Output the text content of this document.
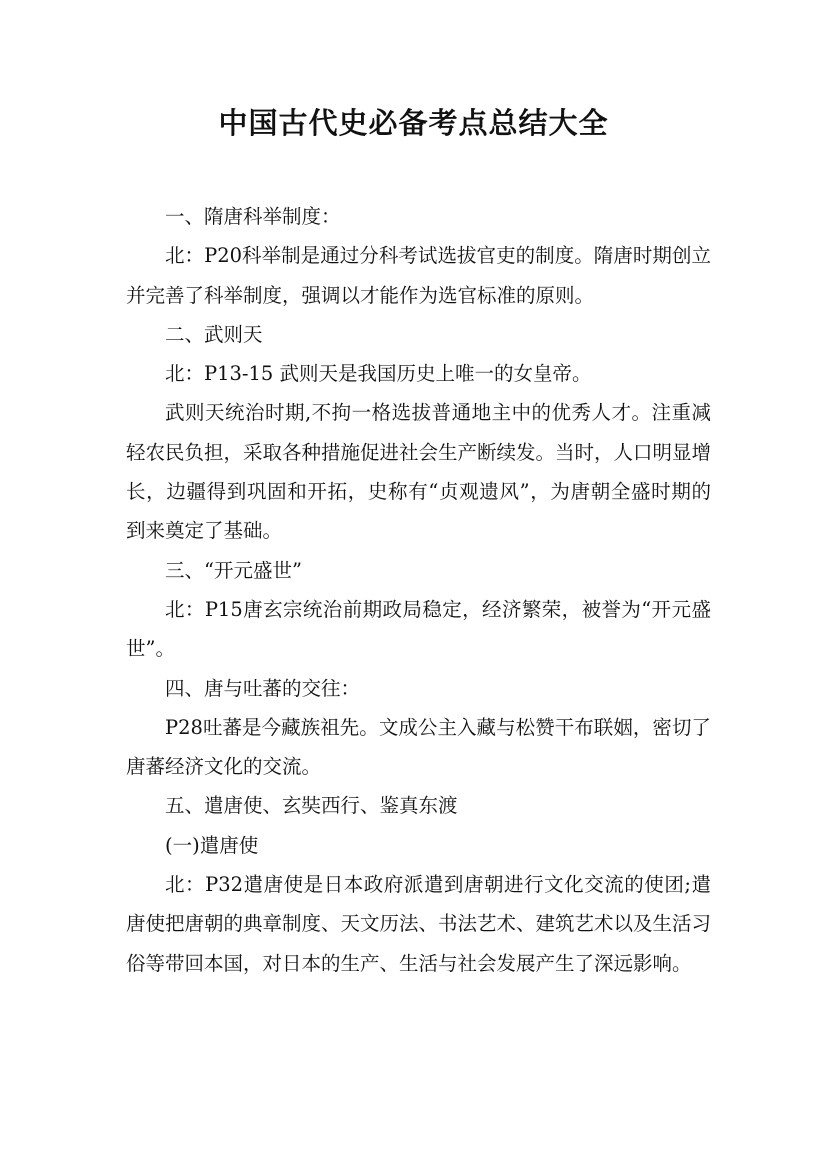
中国古代史必备考点总结大全

一、隋唐科举制度：

北：P20科举制是通过分科考试选拔官吏的制度。隋唐时期创立并完善了科举制度，强调以才能作为选官标准的原则。

二、武则天

北：P13-15 武则天是我国历史上唯一的女皇帝。

武则天统治时期,不拘一格选拔普通地主中的优秀人才。注重减轻农民负担，采取各种措施促进社会生产断续发。当时，人口明显增长，边疆得到巩固和开拓，史称有“贞观遗风”，为唐朝全盛时期的到来奠定了基础。

三、“开元盛世”

北：P15唐玄宗统治前期政局稳定，经济繁荣，被誉为“开元盛世”。

四、唐与吐蕃的交往：

P28吐蕃是今藏族祖先。文成公主入藏与松赞干布联姻，密切了唐蕃经济文化的交流。

五、遣唐使、玄奘西行、鉴真东渡

(一)遣唐使

北：P32遣唐使是日本政府派遣到唐朝进行文化交流的使团;遣唐使把唐朝的典章制度、天文历法、书法艺术、建筑艺术以及生活习俗等带回本国，对日本的生产、生活与社会发展产生了深远影响。
